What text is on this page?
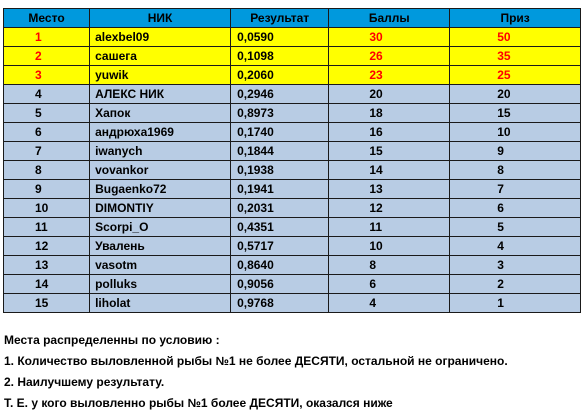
Место	НИК	Результат	Баллы	Приз
1	alexbel09	0,0590	30	50
2	сашега	0,1098	26	35
3	yuwik	0,2060	23	25
4	АЛЕКС НИК	0,2946	20	20
5	Хапок	0,8973	18	15
6	андрюха1969	0,1740	16	10
7	iwanych	0,1844	15	9
8	vovankor	0,1938	14	8
9	Bugaenko72	0,1941	13	7
10	DIMONTIY	0,2031	12	6
11	Scorpi_O	0,4351	11	5
12	Увалень	0,5717	10	4
13	vasotm	0,8640	8	3
14	polluks	0,9056	6	2
15	liholat	0,9768	4	1
Места распределенны по условию :
1. Количество выловленной рыбы №1 не более ДЕСЯТИ, остальной не ограничено.
2. Наилучшему результату.
Т. Е. у кого выловленно рыбы №1 более ДЕСЯТИ, оказался ниже
